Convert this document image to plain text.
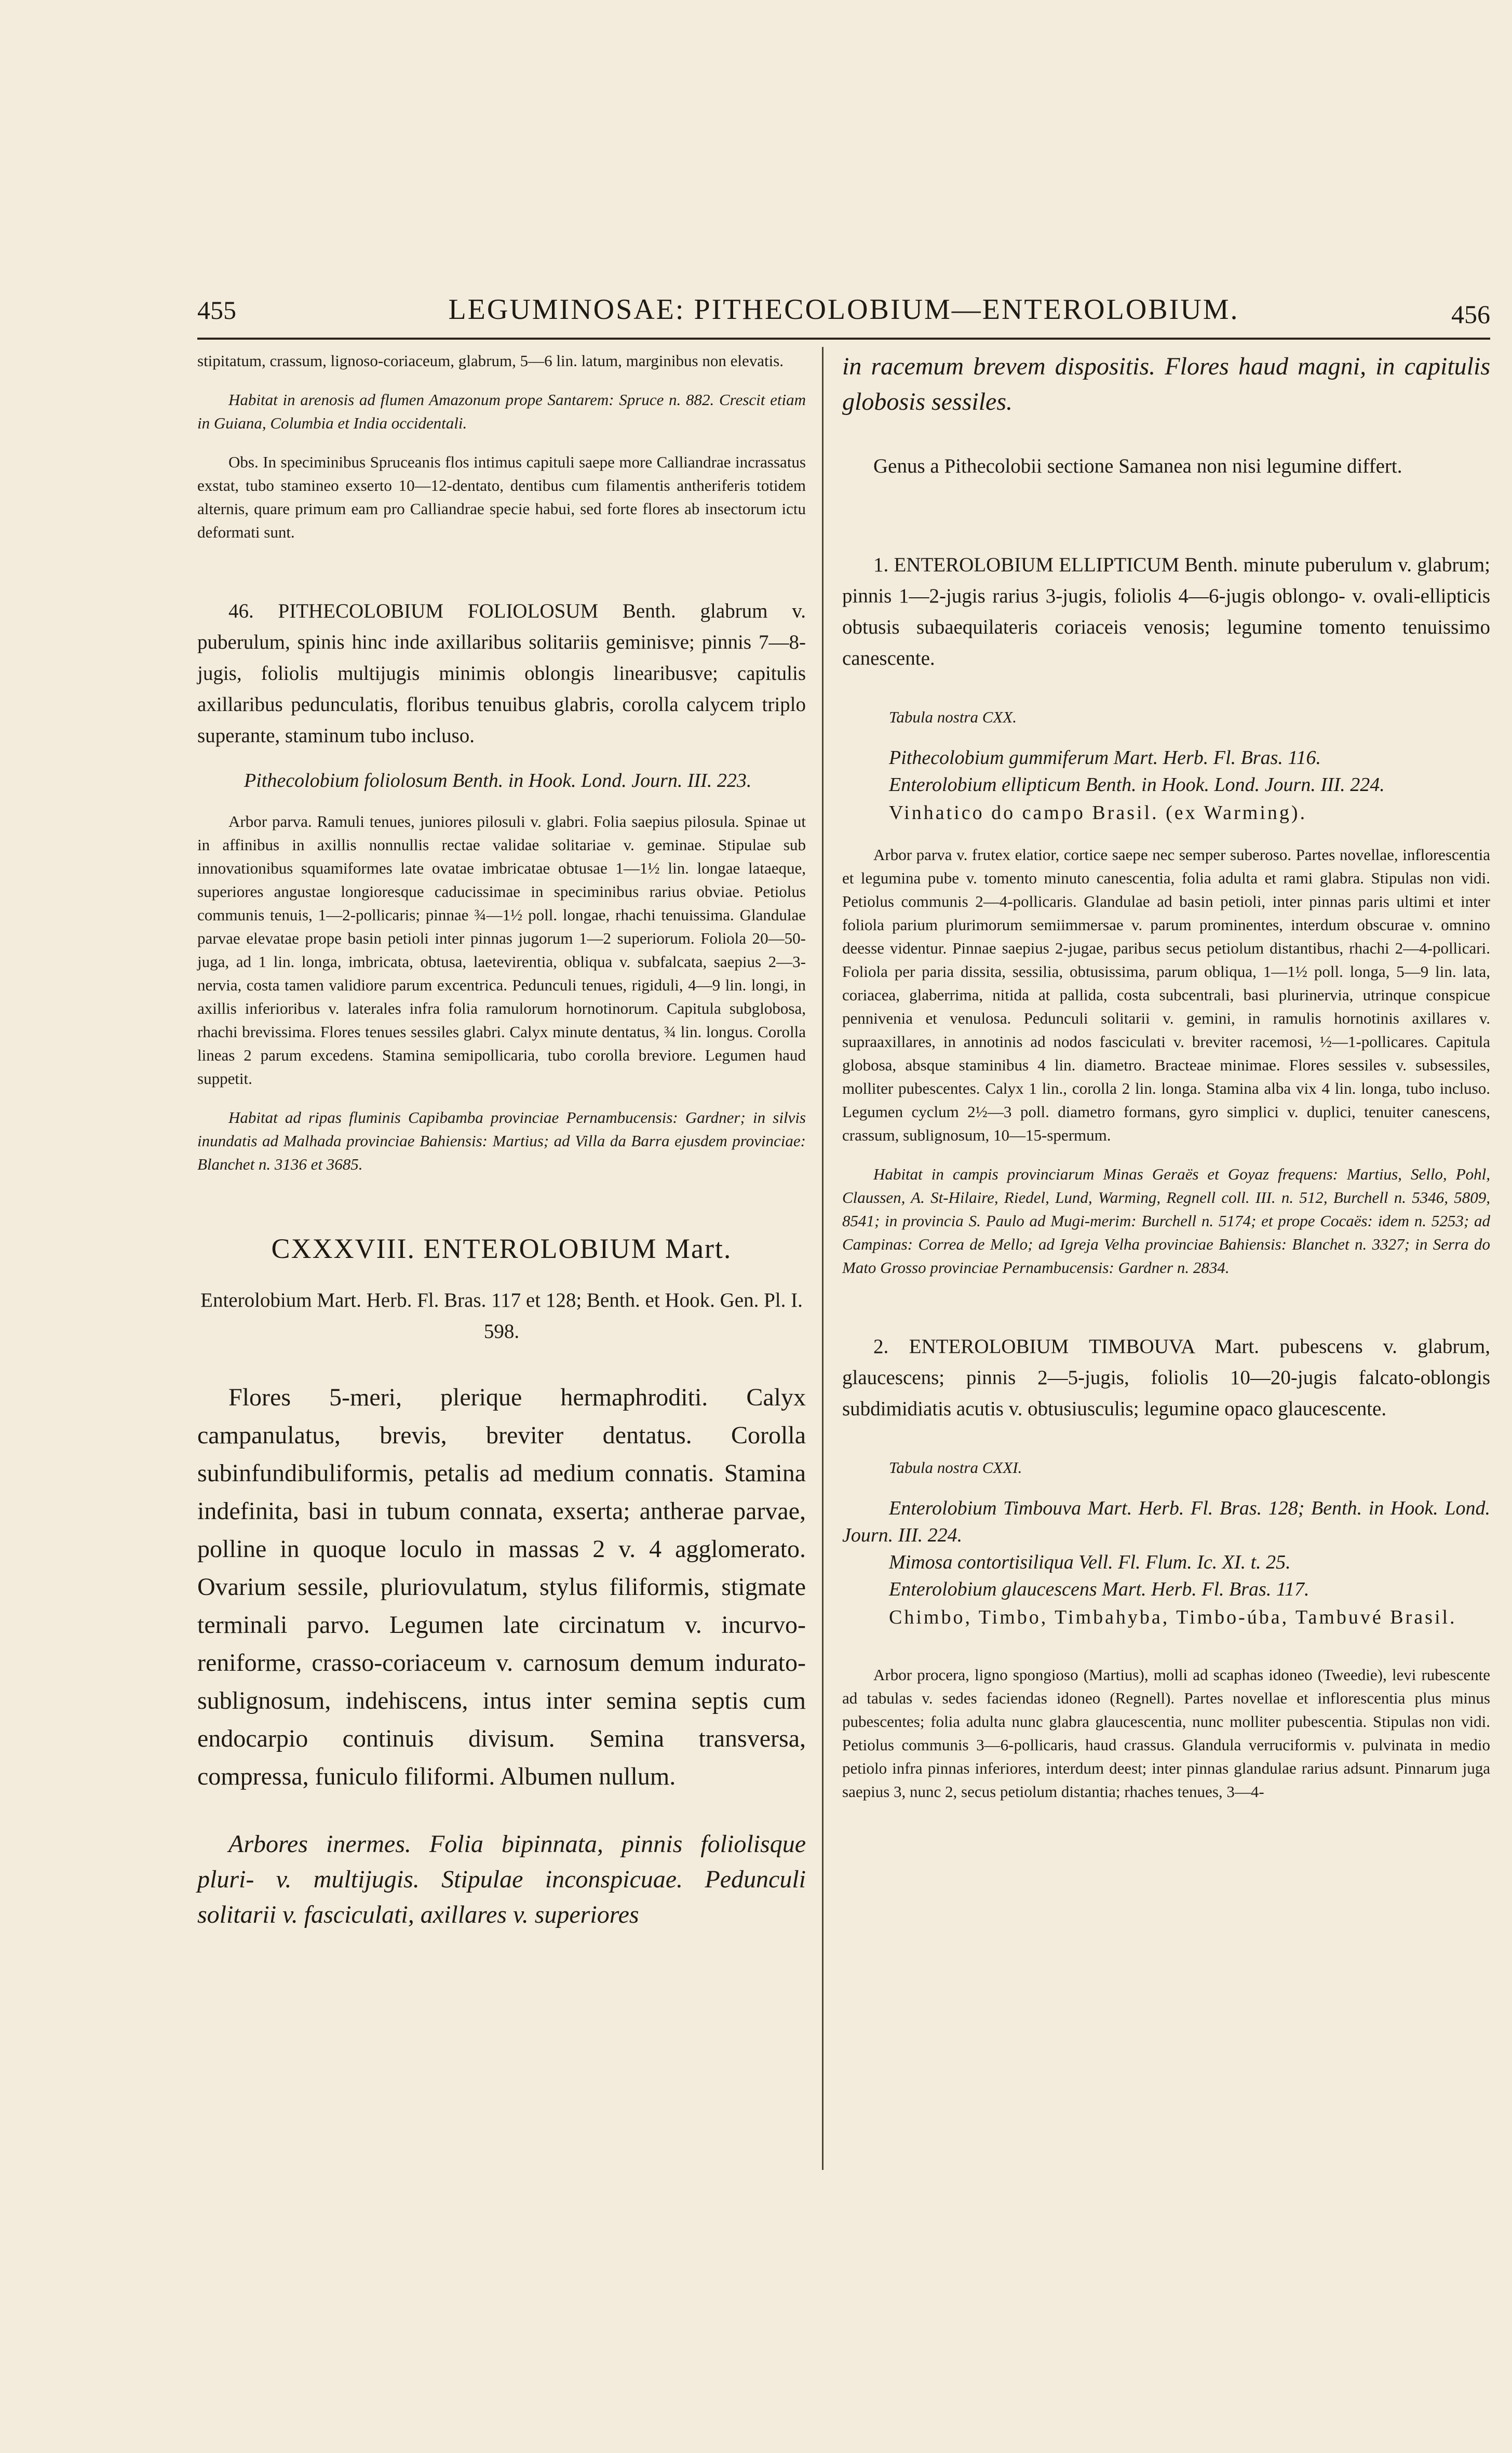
455	LEGUMINOSAE: PITHECOLOBIUM—ENTEROLOBIUM.	456

stipitatum, crassum, lignoso-coriaceum, glabrum, 5—6 lin. latum, marginibus non elevatis.

Habitat in arenosis ad flumen Amazonum prope Santarem: Spruce n. 882. Crescit etiam in Guiana, Columbia et India occidentali.

Obs. In speciminibus Spruceanis flos intimus capituli saepe more Calliandrae incrassatus exstat, tubo stamineo exserto 10—12-dentato, dentibus cum filamentis antheriferis totidem alternis, quare primum eam pro Calliandrae specie habui, sed forte flores ab insectorum ictu deformati sunt.

46. PITHECOLOBIUM FOLIOLOSUM Benth. glabrum v. puberulum, spinis hinc inde axillaribus solitariis geminisve; pinnis 7—8-jugis, foliolis multijugis minimis oblongis linearibusve; capitulis axillaribus pedunculatis, floribus tenuibus glabris, corolla calycem triplo superante, staminum tubo incluso.

Pithecolobium foliolosum Benth. in Hook. Lond. Journ. III. 223.

Arbor parva. Ramuli tenues, juniores pilosuli v. glabri. Folia saepius pilosula. Spinae ut in affinibus in axillis nonnullis rectae validae solitariae v. geminae. Stipulae sub innovationibus squamiformes late ovatae imbricatae obtusae 1—1½ lin. longae lataeque, superiores angustae longioresque caducissimae in speciminibus rarius obviae. Petiolus communis tenuis, 1—2-pollicaris; pinnae ¾—1½ poll. longae, rhachi tenuissima. Glandulae parvae elevatae prope basin petioli inter pinnas jugorum 1—2 superiorum. Foliola 20—50-juga, ad 1 lin. longa, imbricata, obtusa, laetevirentia, obliqua v. subfalcata, saepius 2—3-nervia, costa tamen validiore parum excentrica. Pedunculi tenues, rigiduli, 4—9 lin. longi, in axillis inferioribus v. laterales infra folia ramulorum hornotinorum. Capitula subglobosa, rhachi brevissima. Flores tenues sessiles glabri. Calyx minute dentatus, ¾ lin. longus. Corolla lineas 2 parum excedens. Stamina semipollicaria, tubo corolla breviore. Legumen haud suppetit.

Habitat ad ripas fluminis Capibamba provinciae Pernambucensis: Gardner; in silvis inundatis ad Malhada provinciae Bahiensis: Martius; ad Villa da Barra ejusdem provinciae: Blanchet n. 3136 et 3685.

CXXXVIII. ENTEROLOBIUM Mart.

Enterolobium Mart. Herb. Fl. Bras. 117 et 128; Benth. et Hook. Gen. Pl. I. 598.

Flores 5-meri, plerique hermaphroditi. Calyx campanulatus, brevis, breviter dentatus. Corolla subinfundibuliformis, petalis ad medium connatis. Stamina indefinita, basi in tubum connata, exserta; antherae parvae, polline in quoque loculo in massas 2 v. 4 agglomerato. Ovarium sessile, pluriovulatum, stylus filiformis, stigmate terminali parvo. Legumen late circinatum v. incurvo-reniforme, crasso-coriaceum v. carnosum demum indurato-sublignosum, indehiscens, intus inter semina septis cum endocarpio continuis divisum. Semina transversa, compressa, funiculo filiformi. Albumen nullum.

Arbores inermes. Folia bipinnata, pinnis foliolisque pluri- v. multijugis. Stipulae inconspicuae. Pedunculi solitarii v. fasciculati, axillares v. superiores

in racemum brevem dispositis. Flores haud magni, in capitulis globosis sessiles.

Genus a Pithecolobii sectione Samanea non nisi legumine differt.

1. ENTEROLOBIUM ELLIPTICUM Benth. minute puberulum v. glabrum; pinnis 1—2-jugis rarius 3-jugis, foliolis 4—6-jugis oblongo- v. ovali-ellipticis obtusis subaequilateris coriaceis venosis; legumine tomento tenuissimo canescente.

Tabula nostra CXX.

Pithecolobium gummiferum Mart. Herb. Fl. Bras. 116.

Enterolobium ellipticum Benth. in Hook. Lond. Journ. III. 224.

Vinhatico do campo Brasil. (ex Warming).

Arbor parva v. frutex elatior, cortice saepe nec semper suberoso. Partes novellae, inflorescentia et legumina pube v. tomento minuto canescentia, folia adulta et rami glabra. Stipulas non vidi. Petiolus communis 2—4-pollicaris. Glandulae ad basin petioli, inter pinnas paris ultimi et inter foliola parium plurimorum semiimmersae v. parum prominentes, interdum obscurae v. omnino deesse videntur. Pinnae saepius 2-jugae, paribus secus petiolum distantibus, rhachi 2—4-pollicari. Foliola per paria dissita, sessilia, obtusissima, parum obliqua, 1—1½ poll. longa, 5—9 lin. lata, coriacea, glaberrima, nitida at pallida, costa subcentrali, basi plurinervia, utrinque conspicue pennivenia et venulosa. Pedunculi solitarii v. gemini, in ramulis hornotinis axillares v. supraaxillares, in annotinis ad nodos fasciculati v. breviter racemosi, ½—1-pollicares. Capitula globosa, absque staminibus 4 lin. diametro. Bracteae minimae. Flores sessiles v. subsessiles, molliter pubescentes. Calyx 1 lin., corolla 2 lin. longa. Stamina alba vix 4 lin. longa, tubo incluso. Legumen cyclum 2½—3 poll. diametro formans, gyro simplici v. duplici, tenuiter canescens, crassum, sublignosum, 10—15-spermum.

Habitat in campis provinciarum Minas Geraës et Goyaz frequens: Martius, Sello, Pohl, Claussen, A. St-Hilaire, Riedel, Lund, Warming, Regnell coll. III. n. 512, Burchell n. 5346, 5809, 8541; in provincia S. Paulo ad Mugi-merim: Burchell n. 5174; et prope Cocaës: idem n. 5253; ad Campinas: Correa de Mello; ad Igreja Velha provinciae Bahiensis: Blanchet n. 3327; in Serra do Mato Grosso provinciae Pernambucensis: Gardner n. 2834.

2. ENTEROLOBIUM TIMBOUVA Mart. pubescens v. glabrum, glaucescens; pinnis 2—5-jugis, foliolis 10—20-jugis falcato-oblongis subdimidiatis acutis v. obtusiusculis; legumine opaco glaucescente.

Tabula nostra CXXI.

Enterolobium Timbouva Mart. Herb. Fl. Bras. 128; Benth. in Hook. Lond. Journ. III. 224.

Mimosa contortisiliqua Vell. Fl. Flum. Ic. XI. t. 25.

Enterolobium glaucescens Mart. Herb. Fl. Bras. 117.

Chimbo, Timbo, Timbahyba, Timbo-úba, Tambuvé Brasil.

Arbor procera, ligno spongioso (Martius), molli ad scaphas idoneo (Tweedie), levi rubescente ad tabulas v. sedes faciendas idoneo (Regnell). Partes novellae et inflorescentia plus minus pubescentes; folia adulta nunc glabra glaucescentia, nunc molliter pubescentia. Stipulas non vidi. Petiolus communis 3—6-pollicaris, haud crassus. Glandula verruciformis v. pulvinata in medio petiolo infra pinnas inferiores, interdum deest; inter pinnas glandulae rarius adsunt. Pinnarum juga saepius 3, nunc 2, secus petiolum distantia; rhaches tenues, 3—4-
